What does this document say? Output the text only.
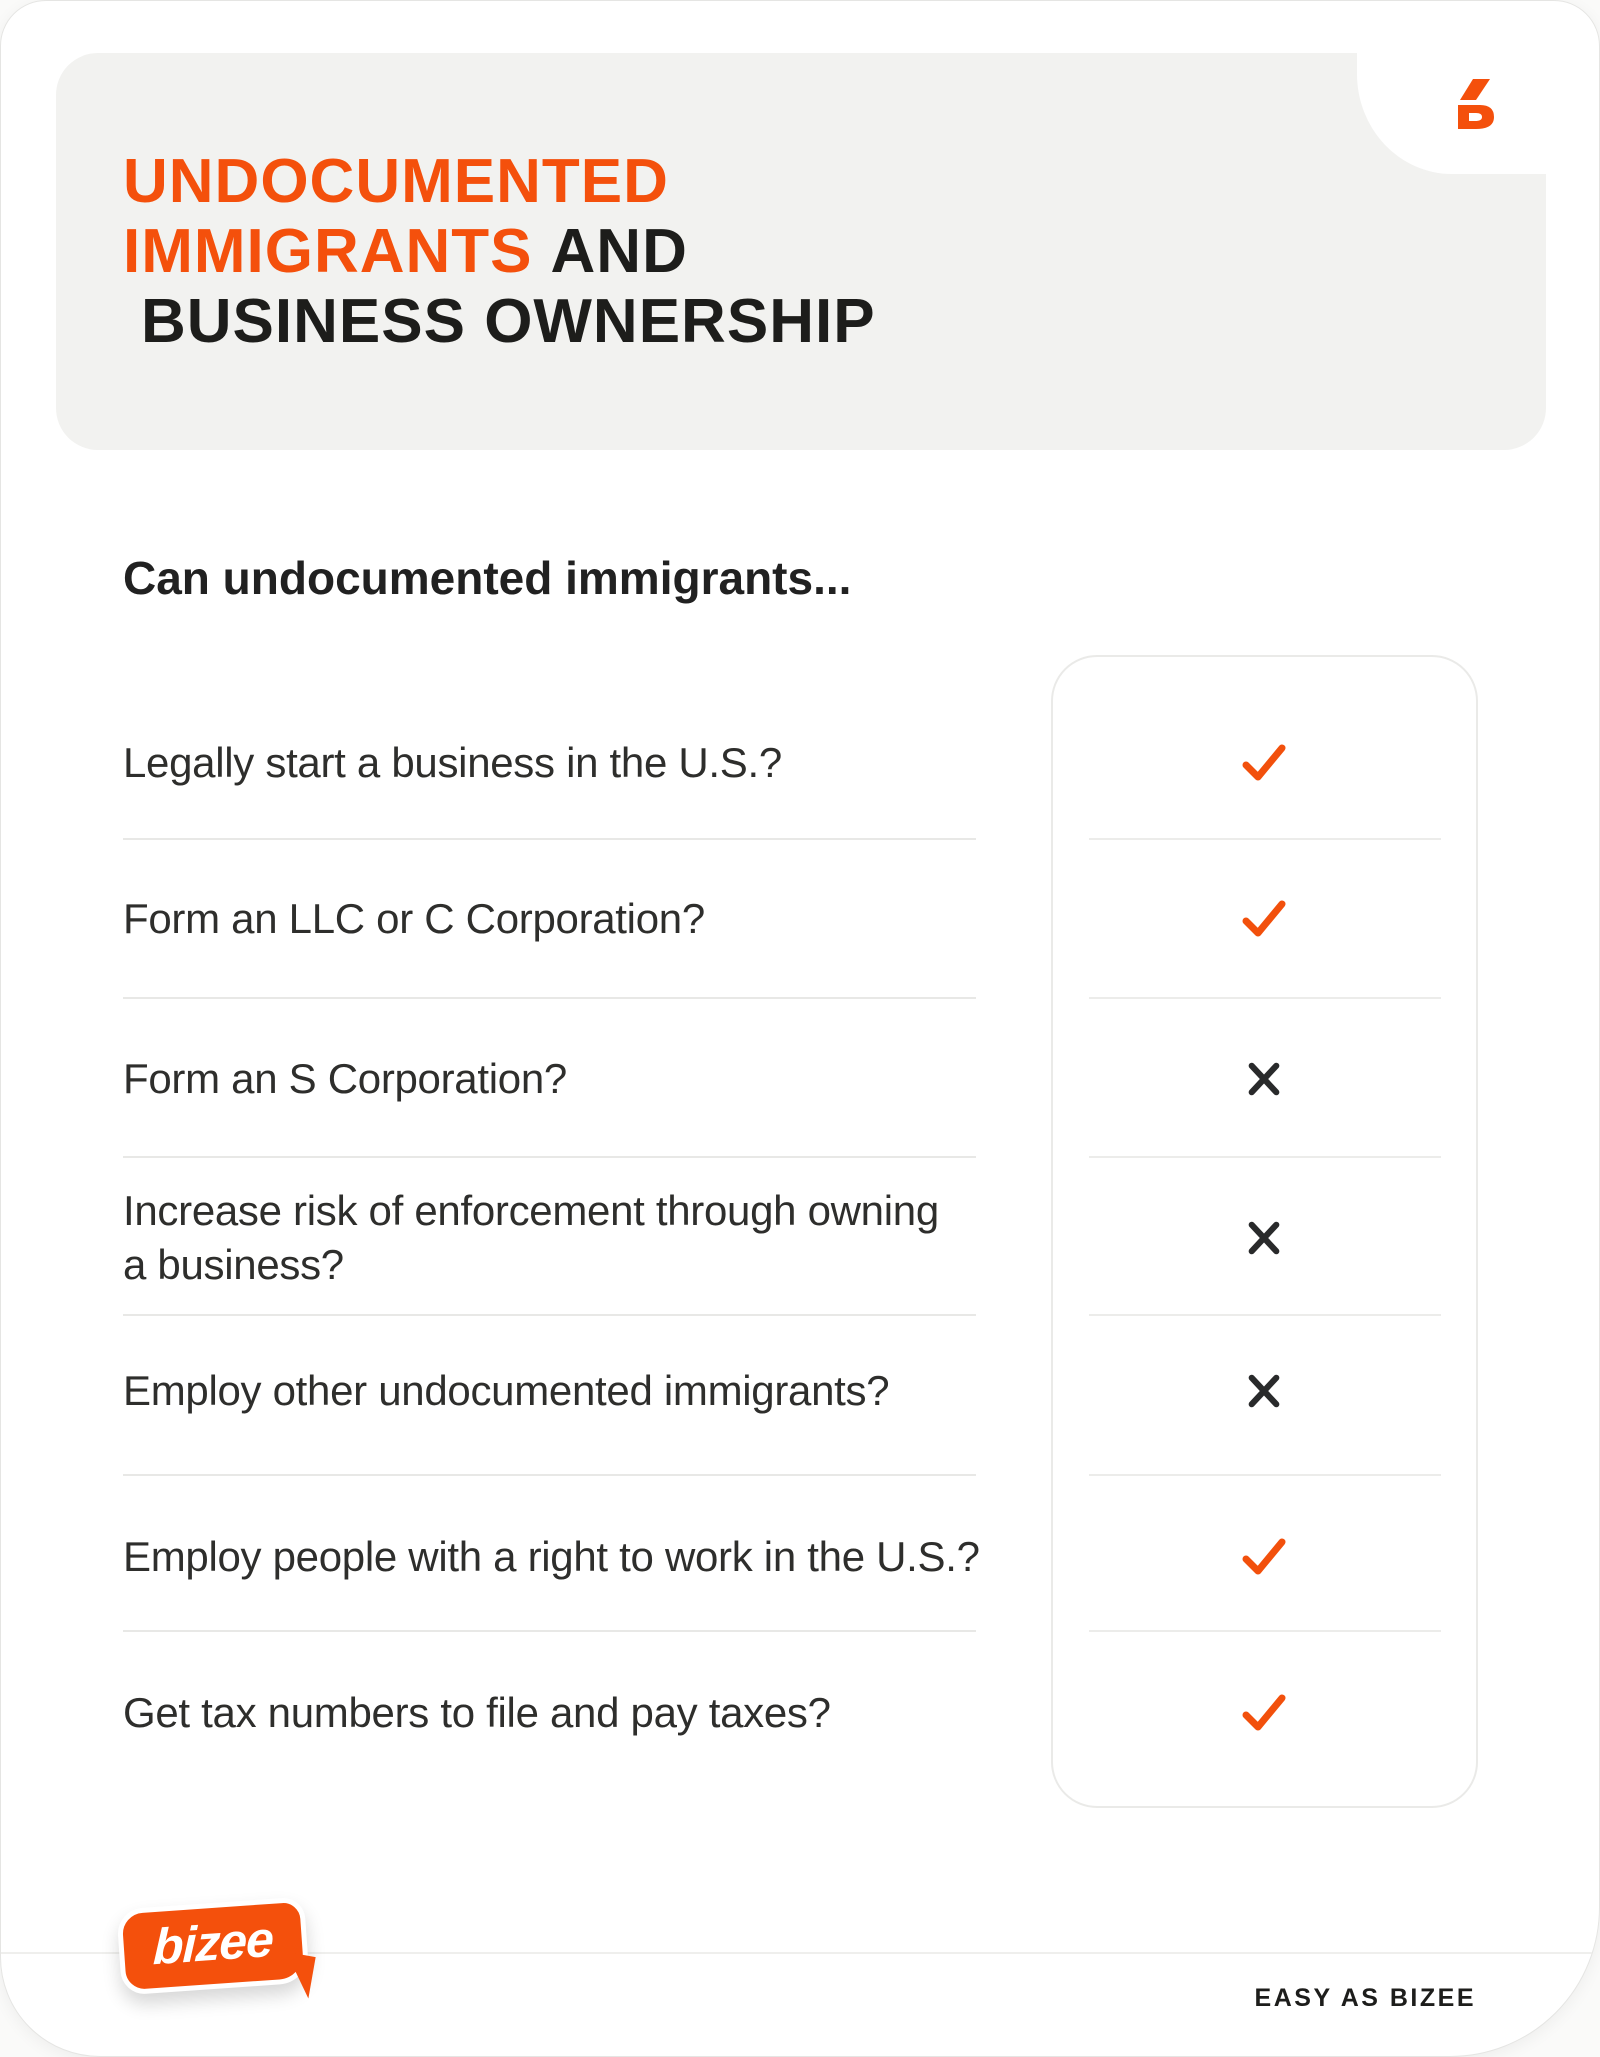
UNDOCUMENTED
IMMIGRANTS AND
BUSINESS OWNERSHIP
Can undocumented immigrants...
Legally start a business in the U.S.?
Form an LLC or C Corporation?
Form an S Corporation?
Increase risk of enforcement through owning
a business?
Employ other undocumented immigrants?
Employ people with a right to work in the U.S.?
Get tax numbers to file and pay taxes?
bizee
EASY AS BIZEE
